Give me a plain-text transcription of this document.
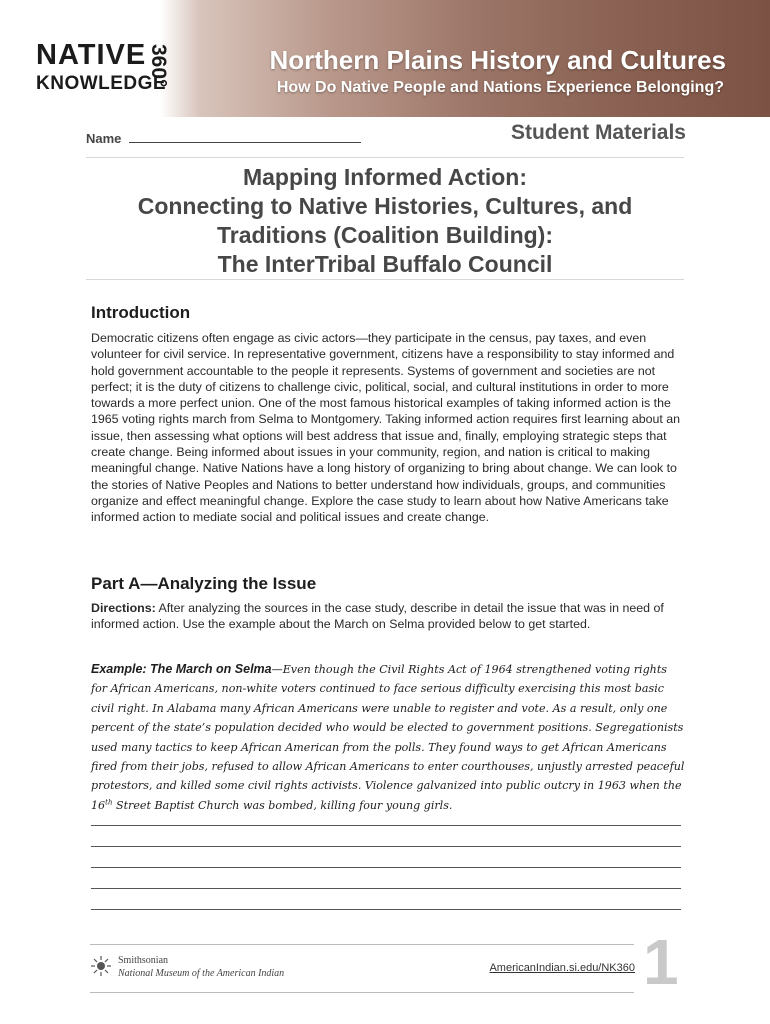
NATIVE
KNOWLEDGE
360°	Northern Plains History and Cultures
How Do Native People and Nations Experience Belonging?
Name	Student Materials
Mapping Informed Action:
Connecting to Native Histories, Cultures, and
Traditions (Coalition Building):
The InterTribal Buffalo Council
Introduction

Democratic citizens often engage as civic actors—they participate in the census, pay taxes, and even volunteer for civil service. In representative government, citizens have a responsibility to stay informed and hold government accountable to the people it represents. Systems of government and societies are not perfect; it is the duty of citizens to challenge civic, political, social, and cultural institutions in order to more towards a more perfect union. One of the most famous historical examples of taking informed action is the 1965 voting rights march from Selma to Montgomery. Taking informed action requires first learning about an issue, then assessing what options will best address that issue and, finally, employing strategic steps that create change. Being informed about issues in your community, region, and nation is critical to making meaningful change. Native Nations have a long history of organizing to bring about change. We can look to the stories of Native Peoples and Nations to better understand how individuals, groups, and communities organize and effect meaningful change. Explore the case study to learn about how Native Americans take informed action to mediate social and political issues and create change.

Part A—Analyzing the Issue

Directions: After analyzing the sources in the case study, describe in detail the issue that was in need of informed action. Use the example about the March on Selma provided below to get started.

Example: The March on Selma—Even though the Civil Rights Act of 1964 strengthened voting rights for African Americans, non-white voters continued to face serious difficulty exercising this most basic civil right. In Alabama many African Americans were unable to register and vote. As a result, only one percent of the state’s population decided who would be elected to government positions. Segregationists used many tactics to keep African American from the polls. They found ways to get African Americans fired from their jobs, refused to allow African Americans to enter courthouses, unjustly arrested peaceful protestors, and killed some civil rights activists. Violence galvanized into public outcry in 1963 when the 16th Street Baptist Church was bombed, killing four young girls.

Smithsonian
National Museum of the American Indian	AmericanIndian.si.edu/NK360 1
